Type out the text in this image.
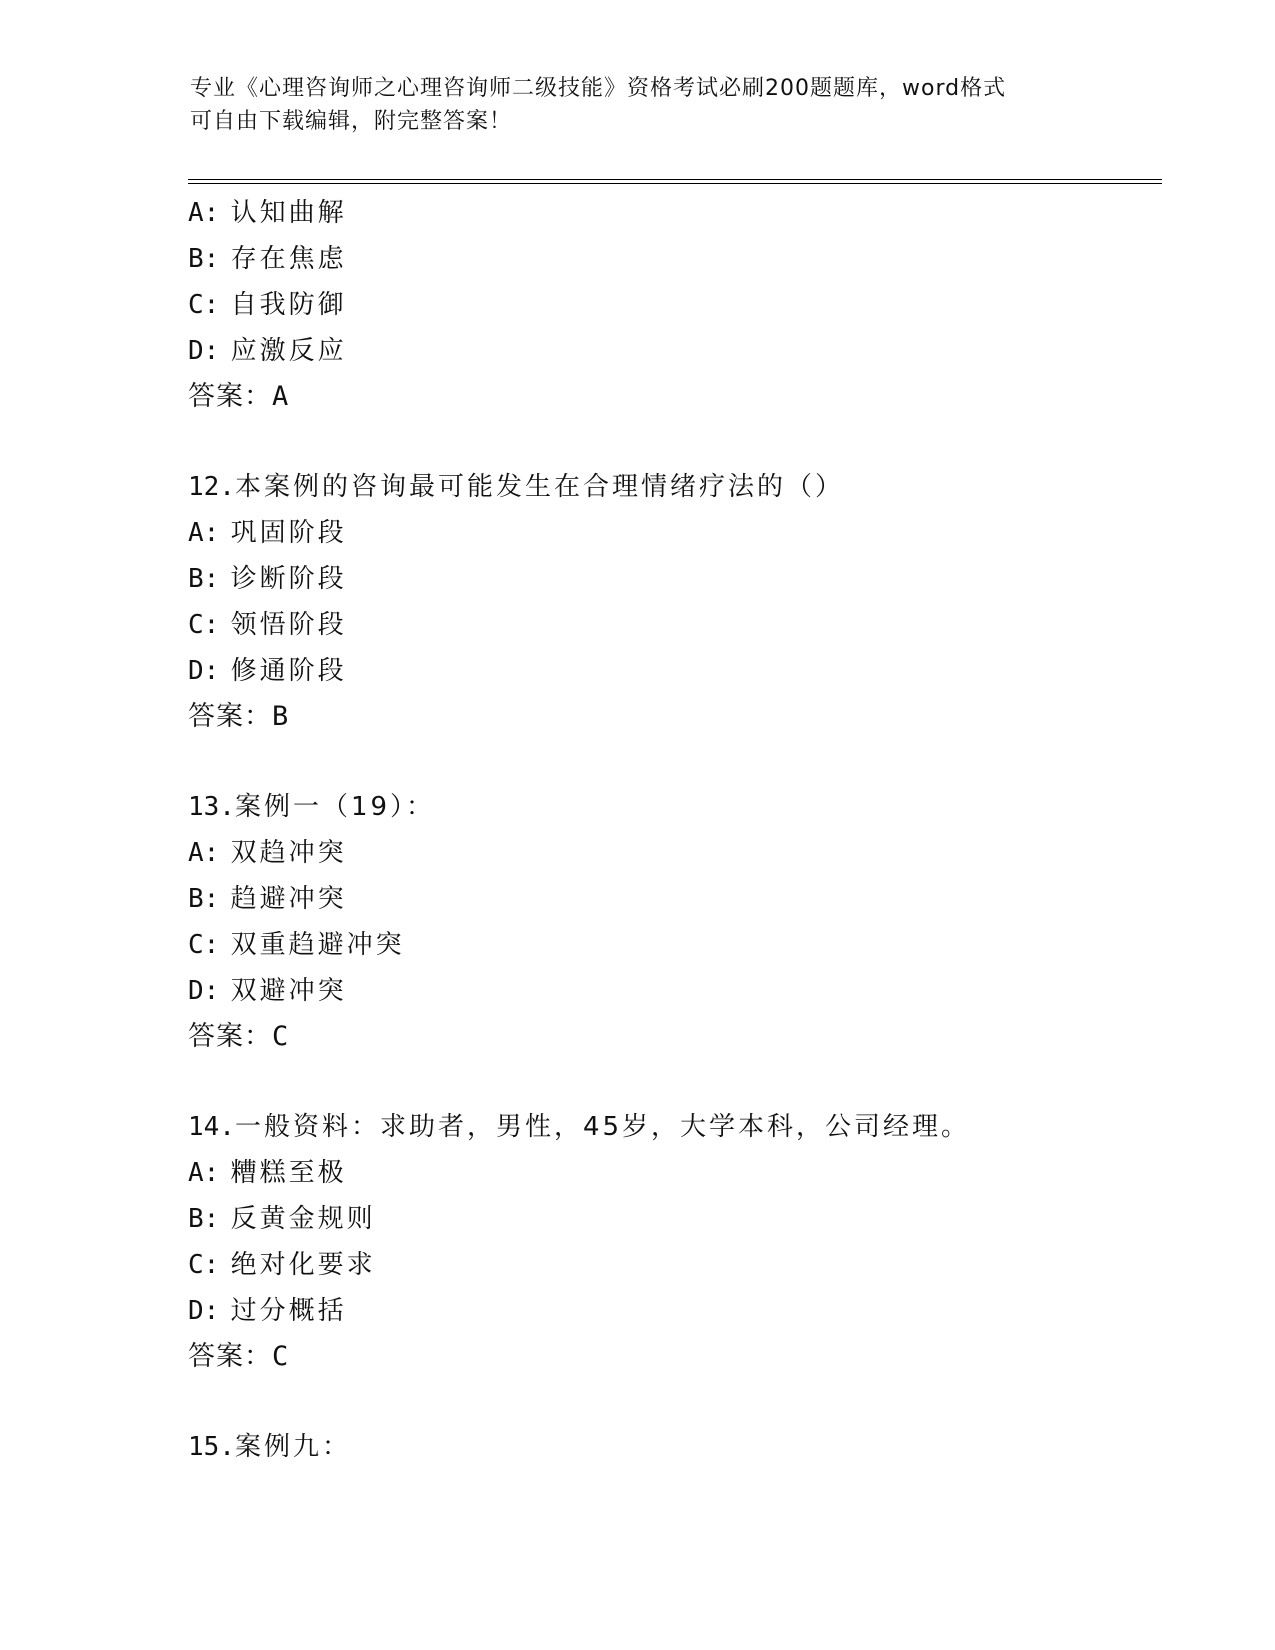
专业《心理咨询师之心理咨询师二级技能》资格考试必刷200题题库，word格式
可自由下载编辑，附完整答案！
A: 认知曲解
B: 存在焦虑
C: 自我防御
D: 应激反应
答案：A
12.本案例的咨询最可能发生在合理情绪疗法的（）
A: 巩固阶段
B: 诊断阶段
C: 领悟阶段
D: 修通阶段
答案：B
13.案例一（19）：
A: 双趋冲突
B: 趋避冲突
C: 双重趋避冲突
D: 双避冲突
答案：C
14.一般资料：求助者，男性，45岁，大学本科，公司经理。
A: 糟糕至极
B: 反黄金规则
C: 绝对化要求
D: 过分概括
答案：C
15.案例九：
